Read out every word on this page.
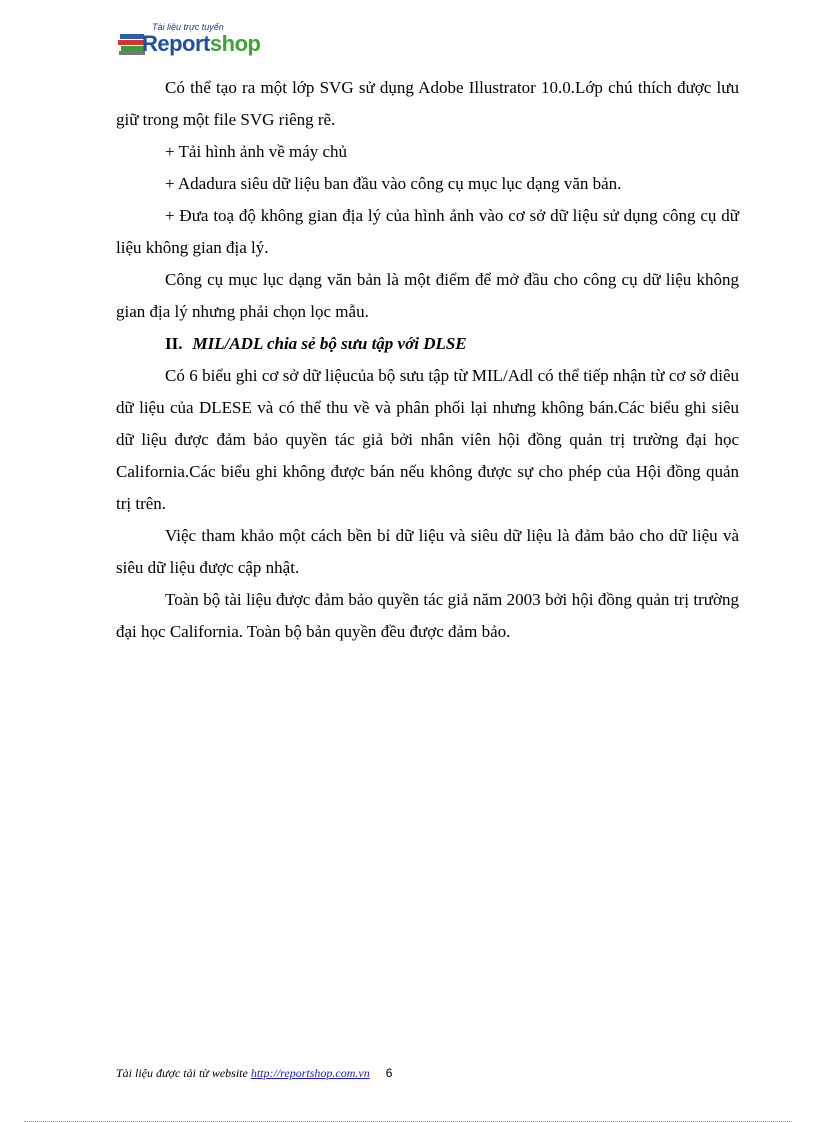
Tài liệu trực tuyến
Reportshop

Có thể tạo ra một lớp SVG sử dụng Adobe Illustrator 10.0.Lớp chú thích được lưu giữ trong một file SVG riêng rẽ.

+ Tải hình ảnh về máy chủ

+ Adadura siêu dữ liệu ban đầu vào công cụ mục lục dạng văn bản.

+ Đưa toạ độ không gian địa lý của hình ảnh vào cơ sở dữ liệu sử dụng công cụ dữ liệu không gian địa lý.

Công cụ mục lục dạng văn bản là một điểm để mở đầu cho công cụ dữ liệu không gian địa lý nhưng phải chọn lọc mẫu.

II. MIL/ADL chia sẻ bộ sưu tập với DLSE

Có 6 biểu ghi cơ sở dữ liệucủa bộ sưu tập từ MIL/Adl có thể tiếp nhận từ cơ sở diêu dữ liệu của DLESE và có thể thu về và phân phối lại nhưng không bán.Các biểu ghi siêu dữ liệu được đảm bảo quyền tác giả bởi nhân viên hội đồng quản trị trường đại học California.Các biểu ghi không được bán nếu không được sự cho phép của Hội đồng quản trị trên.

Việc tham khảo một cách bền bỉ dữ liệu và siêu dữ liệu là đảm bảo cho dữ liệu và siêu dữ liệu được cập nhật.

Toàn bộ tài liệu được đảm bảo quyền tác giả năm 2003 bởi hội đồng quản trị trường đại học California. Toàn bộ bản quyền đều được đảm bảo.

Tài liệu được tải từ website http://reportshop.com.vn 6
